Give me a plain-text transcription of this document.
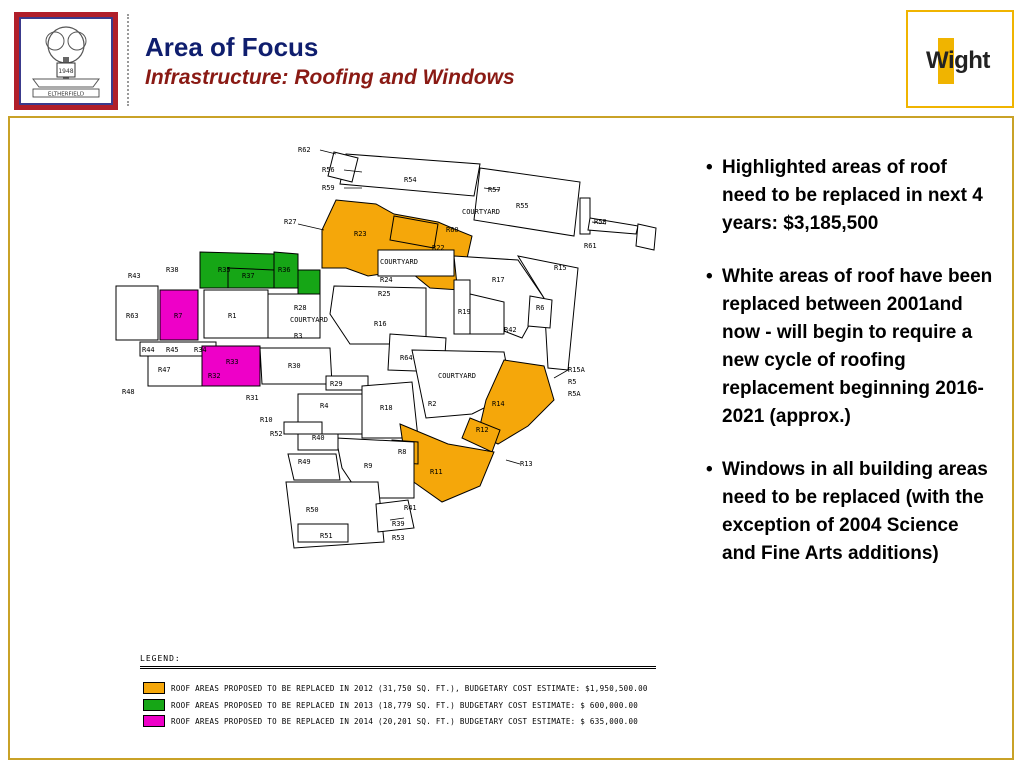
1948
ELTHERFIELD
Area of Focus
Infrastructure: Roofing and Windows
Wight
R62
R56
R59
R54
R57
R55
R58
R61
R27
R23
R22
R60
R15
R17
R43
R38	R35
R37
R36
R63	R7	R1
R28
R3
R44 R45 R34
R33
R32
R47
R48
R30
R24
R25
R16
R64
R19
R42
R6
R15A
R5
R5A
R29
R31
R10
R4	R18	R2	R14
R12
R52	R40
R8
R13
R49	R9
R11
R41
R50
R39
R51	R53
COURTYARD
COURTYARD
COURTYARD
COURTYARD
• Highlighted areas of roof need to be replaced in next 4 years: $3,185,500
• White areas of roof have been replaced between 2001and now - will begin to require a new cycle of roofing replacement beginning 2016-2021 (approx.)
• Windows in all building areas need to be replaced (with the exception of 2004 Science and Fine Arts additions)
LEGEND:
ROOF AREAS PROPOSED TO BE REPLACED IN 2012 (31,750 SQ. FT.), BUDGETARY COST ESTIMATE: $1,950,500.00
ROOF AREAS PROPOSED TO BE REPLACED IN 2013 (18,779 SQ. FT.) BUDGETARY COST ESTIMATE: $ 600,000.00
ROOF AREAS PROPOSED TO BE REPLACED IN 2014 (20,201 SQ. FT.) BUDGETARY COST ESTIMATE: $ 635,000.00
